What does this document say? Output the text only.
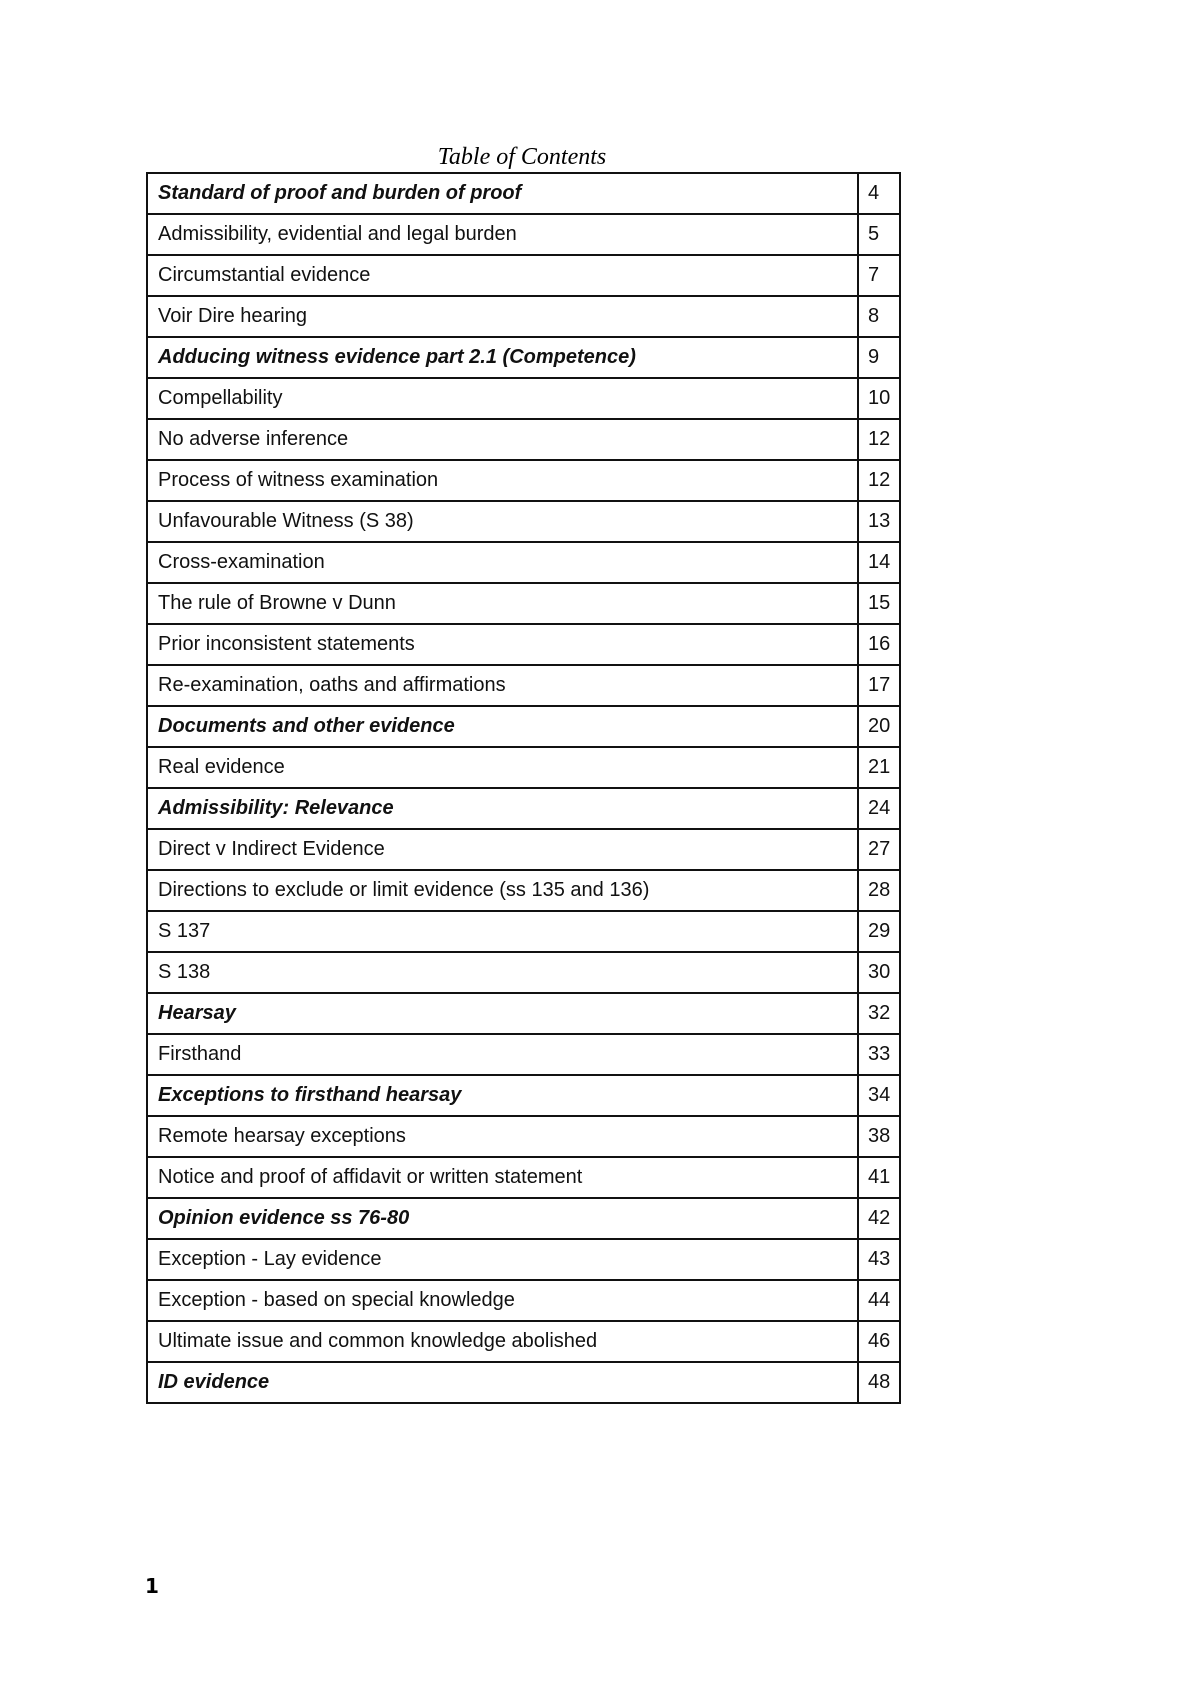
Table of Contents
Standard of proof and burden of proof	4
Admissibility, evidential and legal burden	5
Circumstantial evidence	7
Voir Dire hearing	8
Adducing witness evidence part 2.1 (Competence)	9
Compellability	10
No adverse inference	12
Process of witness examination	12
Unfavourable Witness (S 38)	13
Cross-examination	14
The rule of Browne v Dunn	15
Prior inconsistent statements	16
Re-examination, oaths and affirmations	17
Documents and other evidence	20
Real evidence	21
Admissibility: Relevance	24
Direct v Indirect Evidence	27
Directions to exclude or limit evidence (ss 135 and 136)	28
S 137	29
S 138	30
Hearsay	32
Firsthand	33
Exceptions to firsthand hearsay	34
Remote hearsay exceptions	38
Notice and proof of affidavit or written statement	41
Opinion evidence ss 76-80	42
Exception - Lay evidence	43
Exception - based on special knowledge	44
Ultimate issue and common knowledge abolished	46
ID evidence	48
1
